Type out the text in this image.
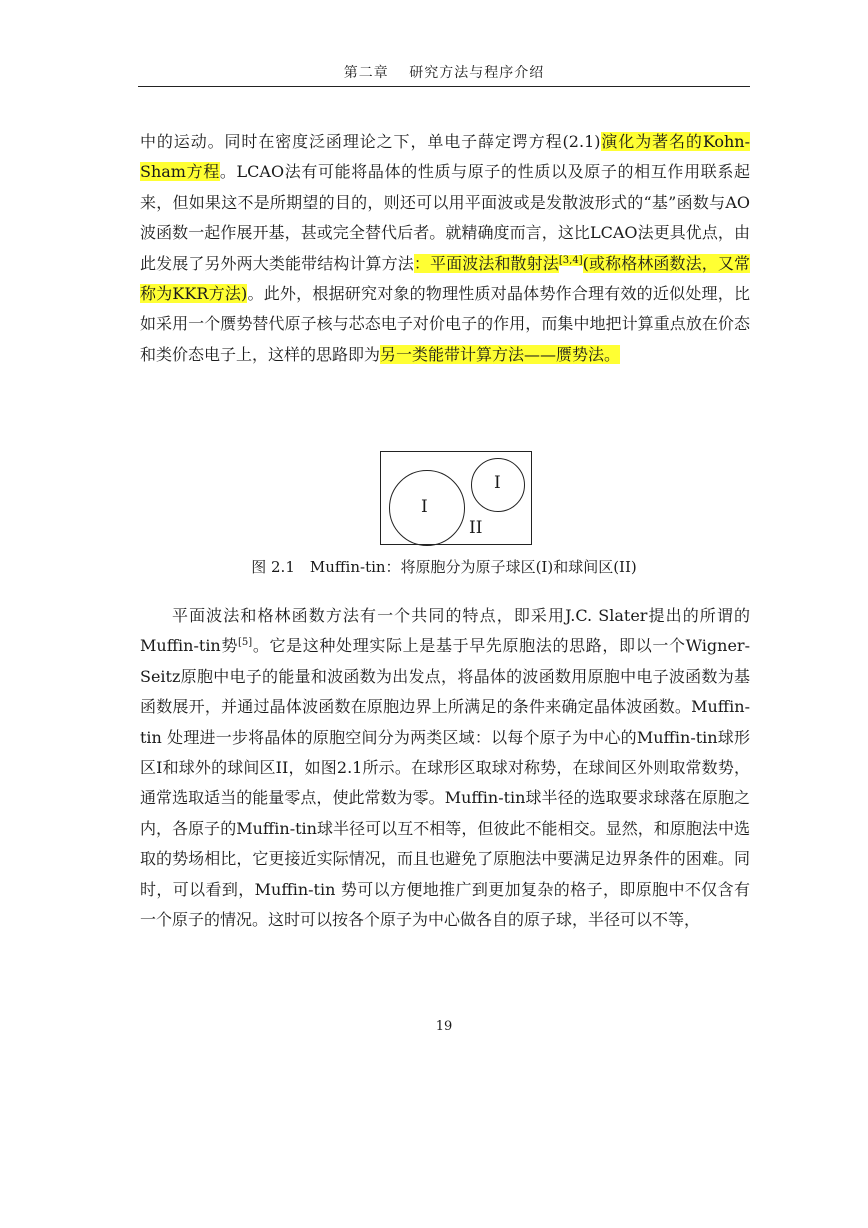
第二章　 研究方法与程序介绍
中的运动。同时在密度泛函理论之下，单电子薛定谔方程(2.1)演化为著名的Kohn-Sham方程。LCAO法有可能将晶体的性质与原子的性质以及原子的相互作用联系起来，但如果这不是所期望的目的，则还可以用平面波或是发散波形式的“基”函数与AO波函数一起作展开基，甚或完全替代后者。就精确度而言，这比LCAO法更具优点，由此发展了另外两大类能带结构计算方法：平面波法和散射法[3,4](或称格林函数法，又常称为KKR方法)。此外，根据研究对象的物理性质对晶体势作合理有效的近似处理，比如采用一个赝势替代原子核与芯态电子对价电子的作用，而集中地把计算重点放在价态和类价态电子上，这样的思路即为另一类能带计算方法——赝势法。
I
I
II
图 2.1　Muffin-tin：将原胞分为原子球区(I)和球间区(II)
平面波法和格林函数方法有一个共同的特点，即采用J.C. Slater提出的所谓的Muffin-tin势[5]。它是这种处理实际上是基于早先原胞法的思路，即以一个Wigner-Seitz原胞中电子的能量和波函数为出发点，将晶体的波函数用原胞中电子波函数为基函数展开，并通过晶体波函数在原胞边界上所满足的条件来确定晶体波函数。Muffin-tin 处理进一步将晶体的原胞空间分为两类区域：以每个原子为中心的Muffin-tin球形区I和球外的球间区II，如图2.1所示。在球形区取球对称势，在球间区外则取常数势，通常选取适当的能量零点，使此常数为零。Muffin-tin球半径的选取要求球落在原胞之内，各原子的Muffin-tin球半径可以互不相等，但彼此不能相交。显然，和原胞法中选取的势场相比，它更接近实际情况，而且也避免了原胞法中要满足边界条件的困难。同时，可以看到，Muffin-tin 势可以方便地推广到更加复杂的格子，即原胞中不仅含有一个原子的情况。这时可以按各个原子为中心做各自的原子球，半径可以不等，
19
